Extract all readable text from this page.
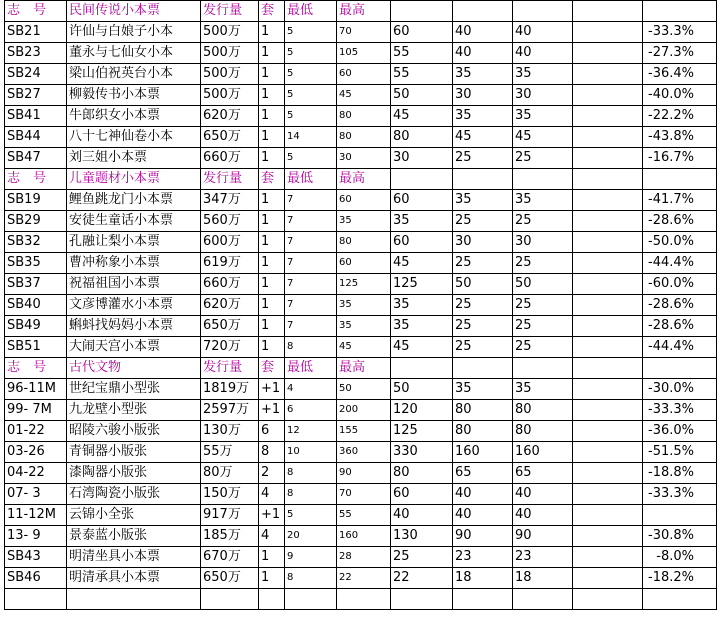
志　号	民间传说小本票	发行量	套	最低	最高					
SB21	许仙与白娘子小本	500万	1	5	70	60	40	40		-33.3%
SB23	董永与七仙女小本	500万	1	5	105	55	40	40		-27.3%
SB24	梁山伯祝英台小本	500万	1	5	60	55	35	35		-36.4%
SB27	柳毅传书小本票	500万	1	5	45	50	30	30		-40.0%
SB41	牛郎织女小本票	620万	1	5	80	45	35	35		-22.2%
SB44	八十七神仙卷小本	650万	1	14	80	80	45	45		-43.8%
SB47	刘三姐小本票	660万	1	5	30	30	25	25		-16.7%
志　号	儿童题材小本票	发行量	套	最低	最高					
SB19	鲤鱼跳龙门小本票	347万	1	7	60	60	35	35		-41.7%
SB29	安徒生童话小本票	560万	1	7	35	35	25	25		-28.6%
SB32	孔融让梨小本票	600万	1	7	80	60	30	30		-50.0%
SB35	曹冲称象小本票	619万	1	7	60	45	25	25		-44.4%
SB37	祝福祖国小本票	660万	1	7	125	125	50	50		-60.0%
SB40	文彦博灌水小本票	620万	1	7	35	35	25	25		-28.6%
SB49	蝌蚪找妈妈小本票	650万	1	7	35	35	25	25		-28.6%
SB51	大闹天宫小本票	720万	1	8	45	45	25	25		-44.4%
志　号	古代文物	发行量	套	最低	最高					
96-11M	世纪宝鼎小型张	1819万	+1	4	50	50	35	35		-30.0%
99- 7M	九龙壁小型张	2597万	+1	6	200	120	80	80		-33.3%
01-22	昭陵六骏小版张	130万	6	12	155	125	80	80		-36.0%
03-26	青铜器小版张	55万	8	10	360	330	160	160		-51.5%
04-22	漆陶器小版张	80万	2	8	90	80	65	65		-18.8%
07- 3	石湾陶瓷小版张	150万	4	8	70	60	40	40		-33.3%
11-12M	云锦小全张	917万	+1	5	55	40	40	40		
13- 9	景泰蓝小版张	185万	4	20	160	130	90	90		-30.8%
SB43	明清坐具小本票	670万	1	9	28	25	23	23		-8.0%
SB46	明清承具小本票	650万	1	8	22	22	18	18		-18.2%
